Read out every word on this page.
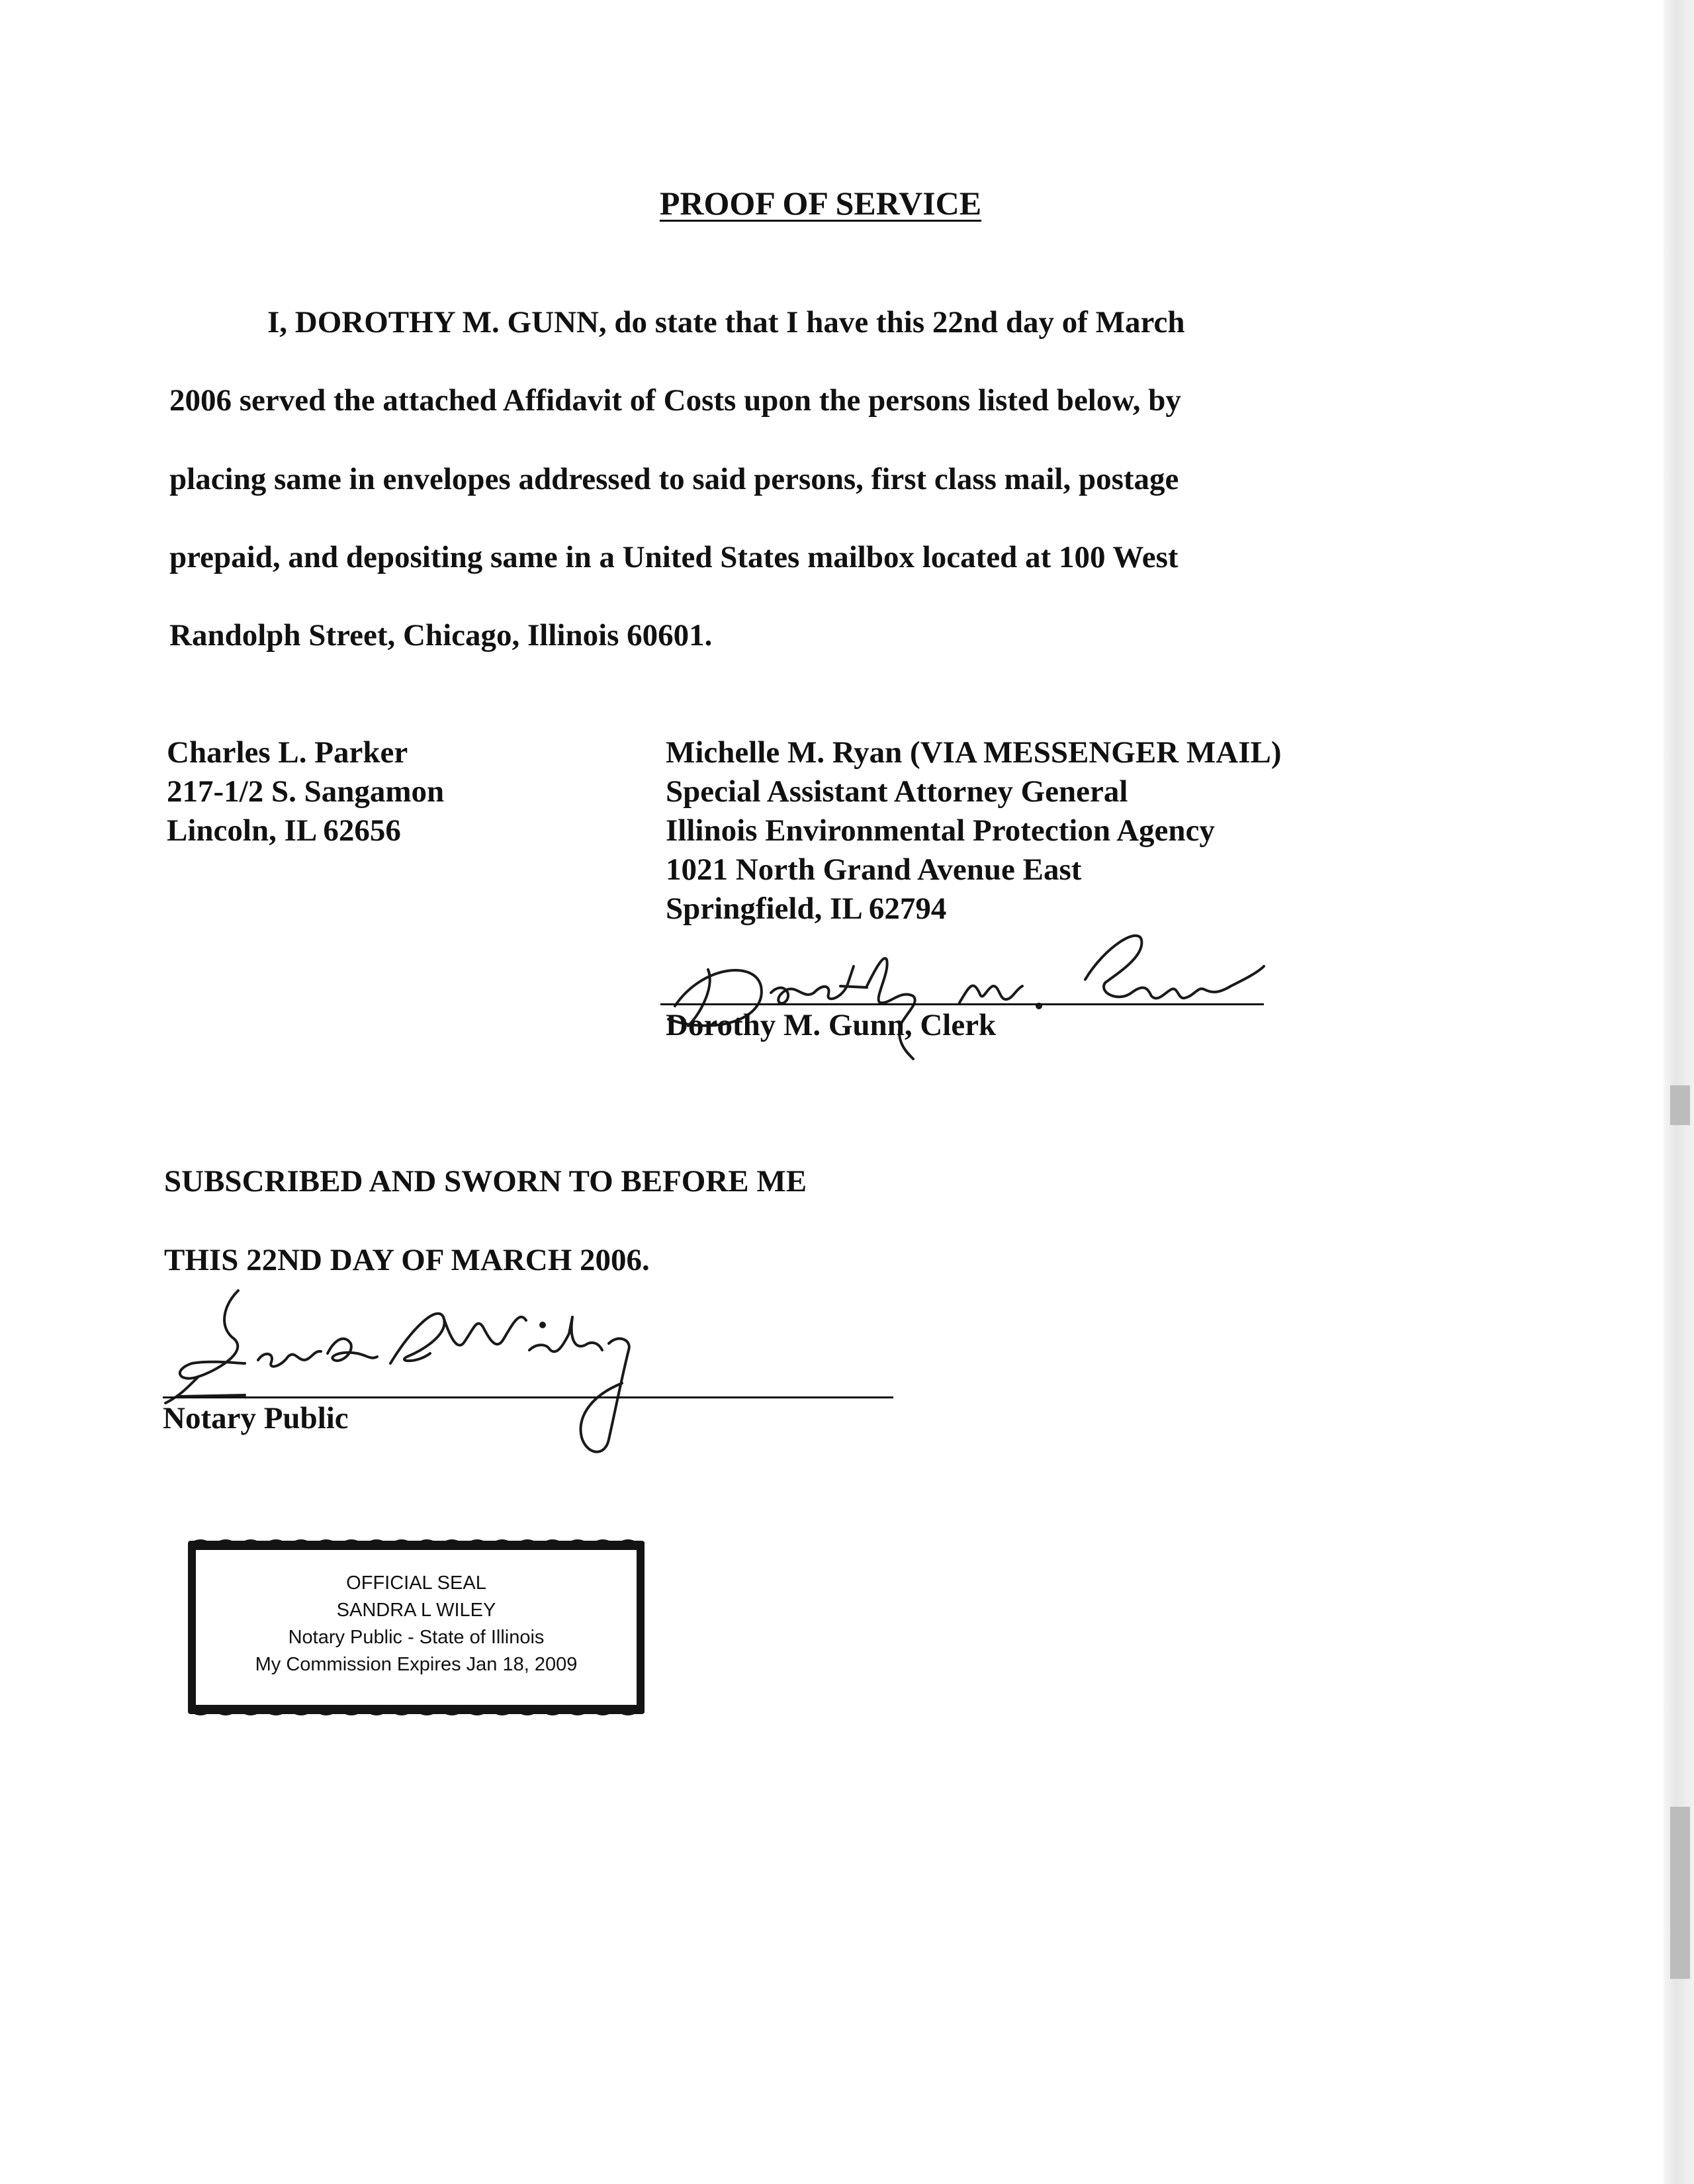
PROOF OF SERVICE
I, DOROTHY M. GUNN, do state that I have this 22nd day of March
2006 served the attached Affidavit of Costs upon the persons listed below, by
placing same in envelopes addressed to said persons, first class mail, postage
prepaid, and depositing same in a United States mailbox located at 100 West
Randolph Street, Chicago, Illinois 60601.
Charles L. Parker
217-1/2 S. Sangamon
Lincoln, IL 62656
Michelle M. Ryan (VIA MESSENGER MAIL)
Special Assistant Attorney General
Illinois Environmental Protection Agency
1021 North Grand Avenue East
Springfield, IL 62794
Dorothy M. Gunn, Clerk
SUBSCRIBED AND SWORN TO BEFORE ME
THIS 22ND DAY OF MARCH 2006.
Notary Public
OFFICIAL SEAL
SANDRA L WILEY
Notary Public - State of Illinois
My Commission Expires Jan 18, 2009
